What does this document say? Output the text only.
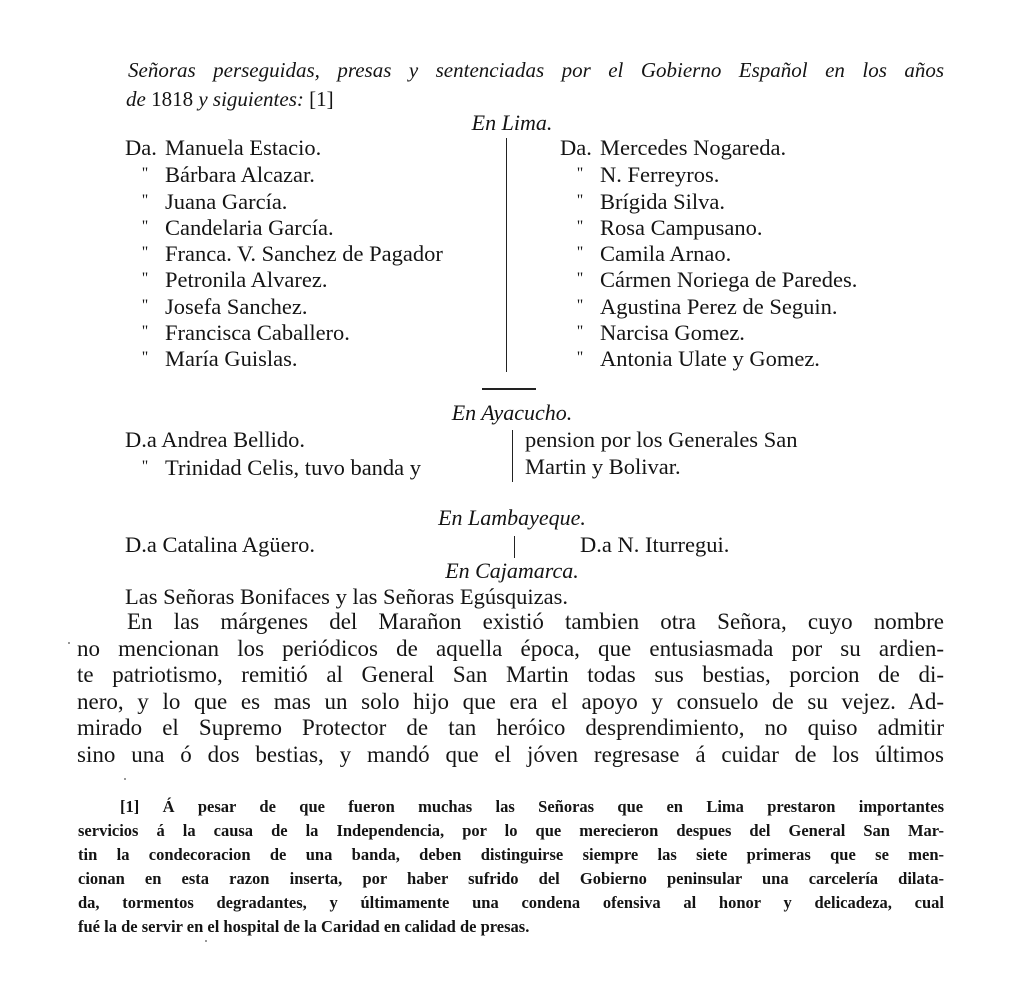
Señoras perseguidas, presas y sentenciadas por el Gobierno Español en los años
de 1818 y siguientes: [1]
En Lima.
Da. Manuela Estacio.
" Bárbara Alcazar.
" Juana García.
" Candelaria García.
" Franca. V. Sanchez de Pagador
" Petronila Alvarez.
" Josefa Sanchez.
" Francisca Caballero.
" María Guislas.
Da. Mercedes Nogareda.
" N. Ferreyros.
" Brígida Silva.
" Rosa Campusano.
" Camila Arnao.
" Cármen Noriega de Paredes.
" Agustina Perez de Seguin.
" Narcisa Gomez.
" Antonia Ulate y Gomez.
En Ayacucho.
D.a Andrea Bellido.
" Trinidad Celis, tuvo banda y
pension por los Generales San
Martin y Bolivar.
En Lambayeque.
D.a Catalina Agüero.	D.a N. Iturregui.
En Cajamarca.
Las Señoras Bonifaces y las Señoras Egúsquizas.
En las márgenes del Marañon existió tambien otra Señora, cuyo nombre
no mencionan los periódicos de aquella época, que entusiasmada por su ardien-
te patriotismo, remitió al General San Martin todas sus bestias, porcion de di-
nero, y lo que es mas un solo hijo que era el apoyo y consuelo de su vejez. Ad-
mirado el Supremo Protector de tan heróico desprendimiento, no quiso admitir
sino una ó dos bestias, y mandó que el jóven regresase á cuidar de los últimos
[1] Á pesar de que fueron muchas las Señoras que en Lima prestaron importantes
servicios á la causa de la Independencia, por lo que merecieron despues del General San Mar-
tin la condecoracion de una banda, deben distinguirse siempre las siete primeras que se men-
cionan en esta razon inserta, por haber sufrido del Gobierno peninsular una carcelería dilata-
da, tormentos degradantes, y últimamente una condena ofensiva al honor y delicadeza, cual
fué la de servir en el hospital de la Caridad en calidad de presas.
